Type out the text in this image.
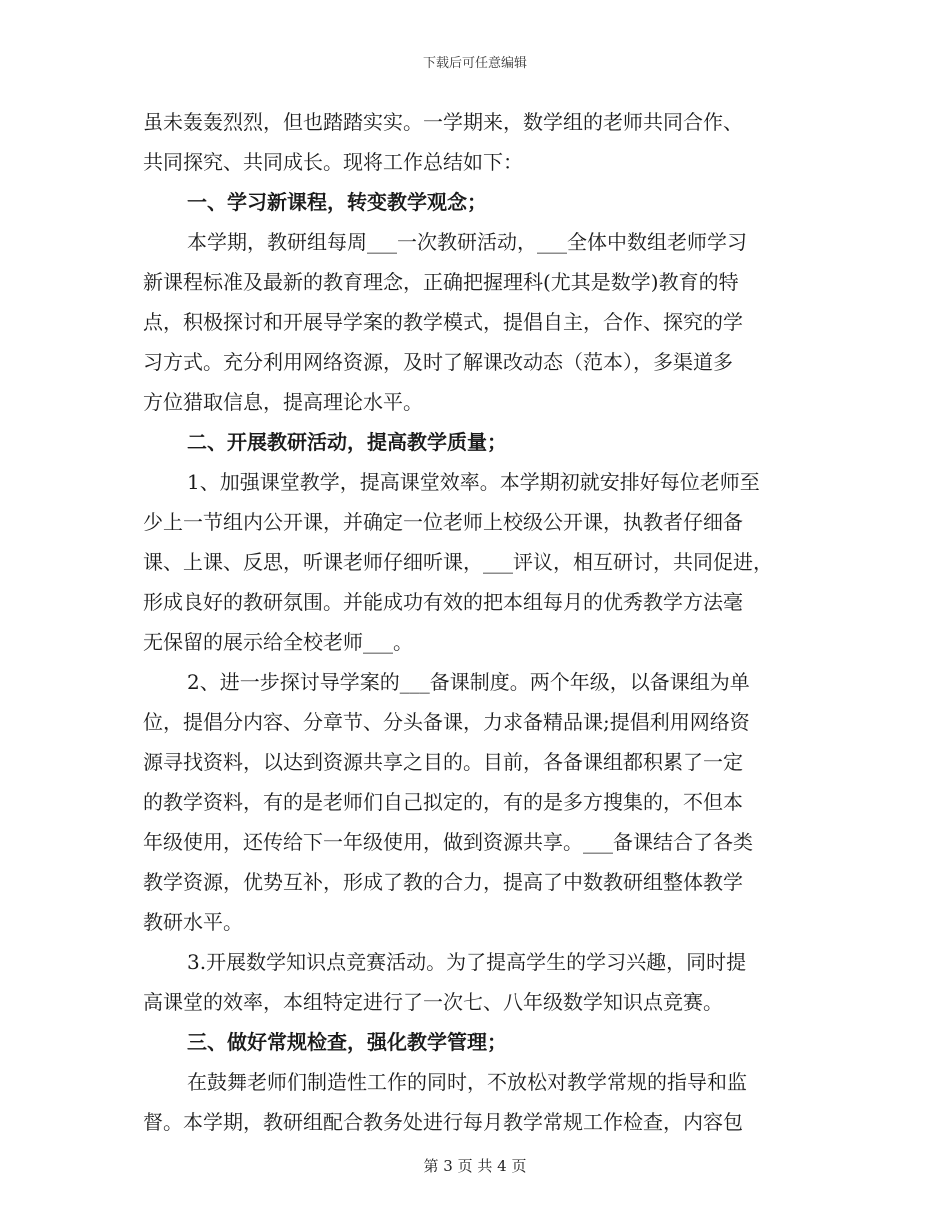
下载后可任意编辑
虽未轰轰烈烈，但也踏踏实实。一学期来，数学组的老师共同合作、
共同探究、共同成长。现将工作总结如下：
一、学习新课程，转变教学观念；
本学期，教研组每周___一次教研活动，___全体中数组老师学习
新课程标准及最新的教育理念，正确把握理科(尤其是数学)教育的特
点，积极探讨和开展导学案的教学模式，提倡自主，合作、探究的学
习方式。充分利用网络资源，及时了解课改动态（范本），多渠道多
方位猎取信息，提高理论水平。
二、开展教研活动，提高教学质量；
1、加强课堂教学，提高课堂效率。本学期初就安排好每位老师至
少上一节组内公开课，并确定一位老师上校级公开课，执教者仔细备
课、上课、反思，听课老师仔细听课，___评议，相互研讨，共同促进，
形成良好的教研氛围。并能成功有效的把本组每月的优秀教学方法毫
无保留的展示给全校老师___。
2、进一步探讨导学案的___备课制度。两个年级，以备课组为单
位，提倡分内容、分章节、分头备课，力求备精品课;提倡利用网络资
源寻找资料，以达到资源共享之目的。目前，各备课组都积累了一定
的教学资料，有的是老师们自己拟定的，有的是多方搜集的，不但本
年级使用，还传给下一年级使用，做到资源共享。___备课结合了各类
教学资源，优势互补，形成了教的合力，提高了中数教研组整体教学
教研水平。
3.开展数学知识点竞赛活动。为了提高学生的学习兴趣，同时提
高课堂的效率，本组特定进行了一次七、八年级数学知识点竞赛。
三、做好常规检查，强化教学管理；
在鼓舞老师们制造性工作的同时，不放松对教学常规的指导和监
督。本学期，教研组配合教务处进行每月教学常规工作检查，内容包
第 3 页 共 4 页
